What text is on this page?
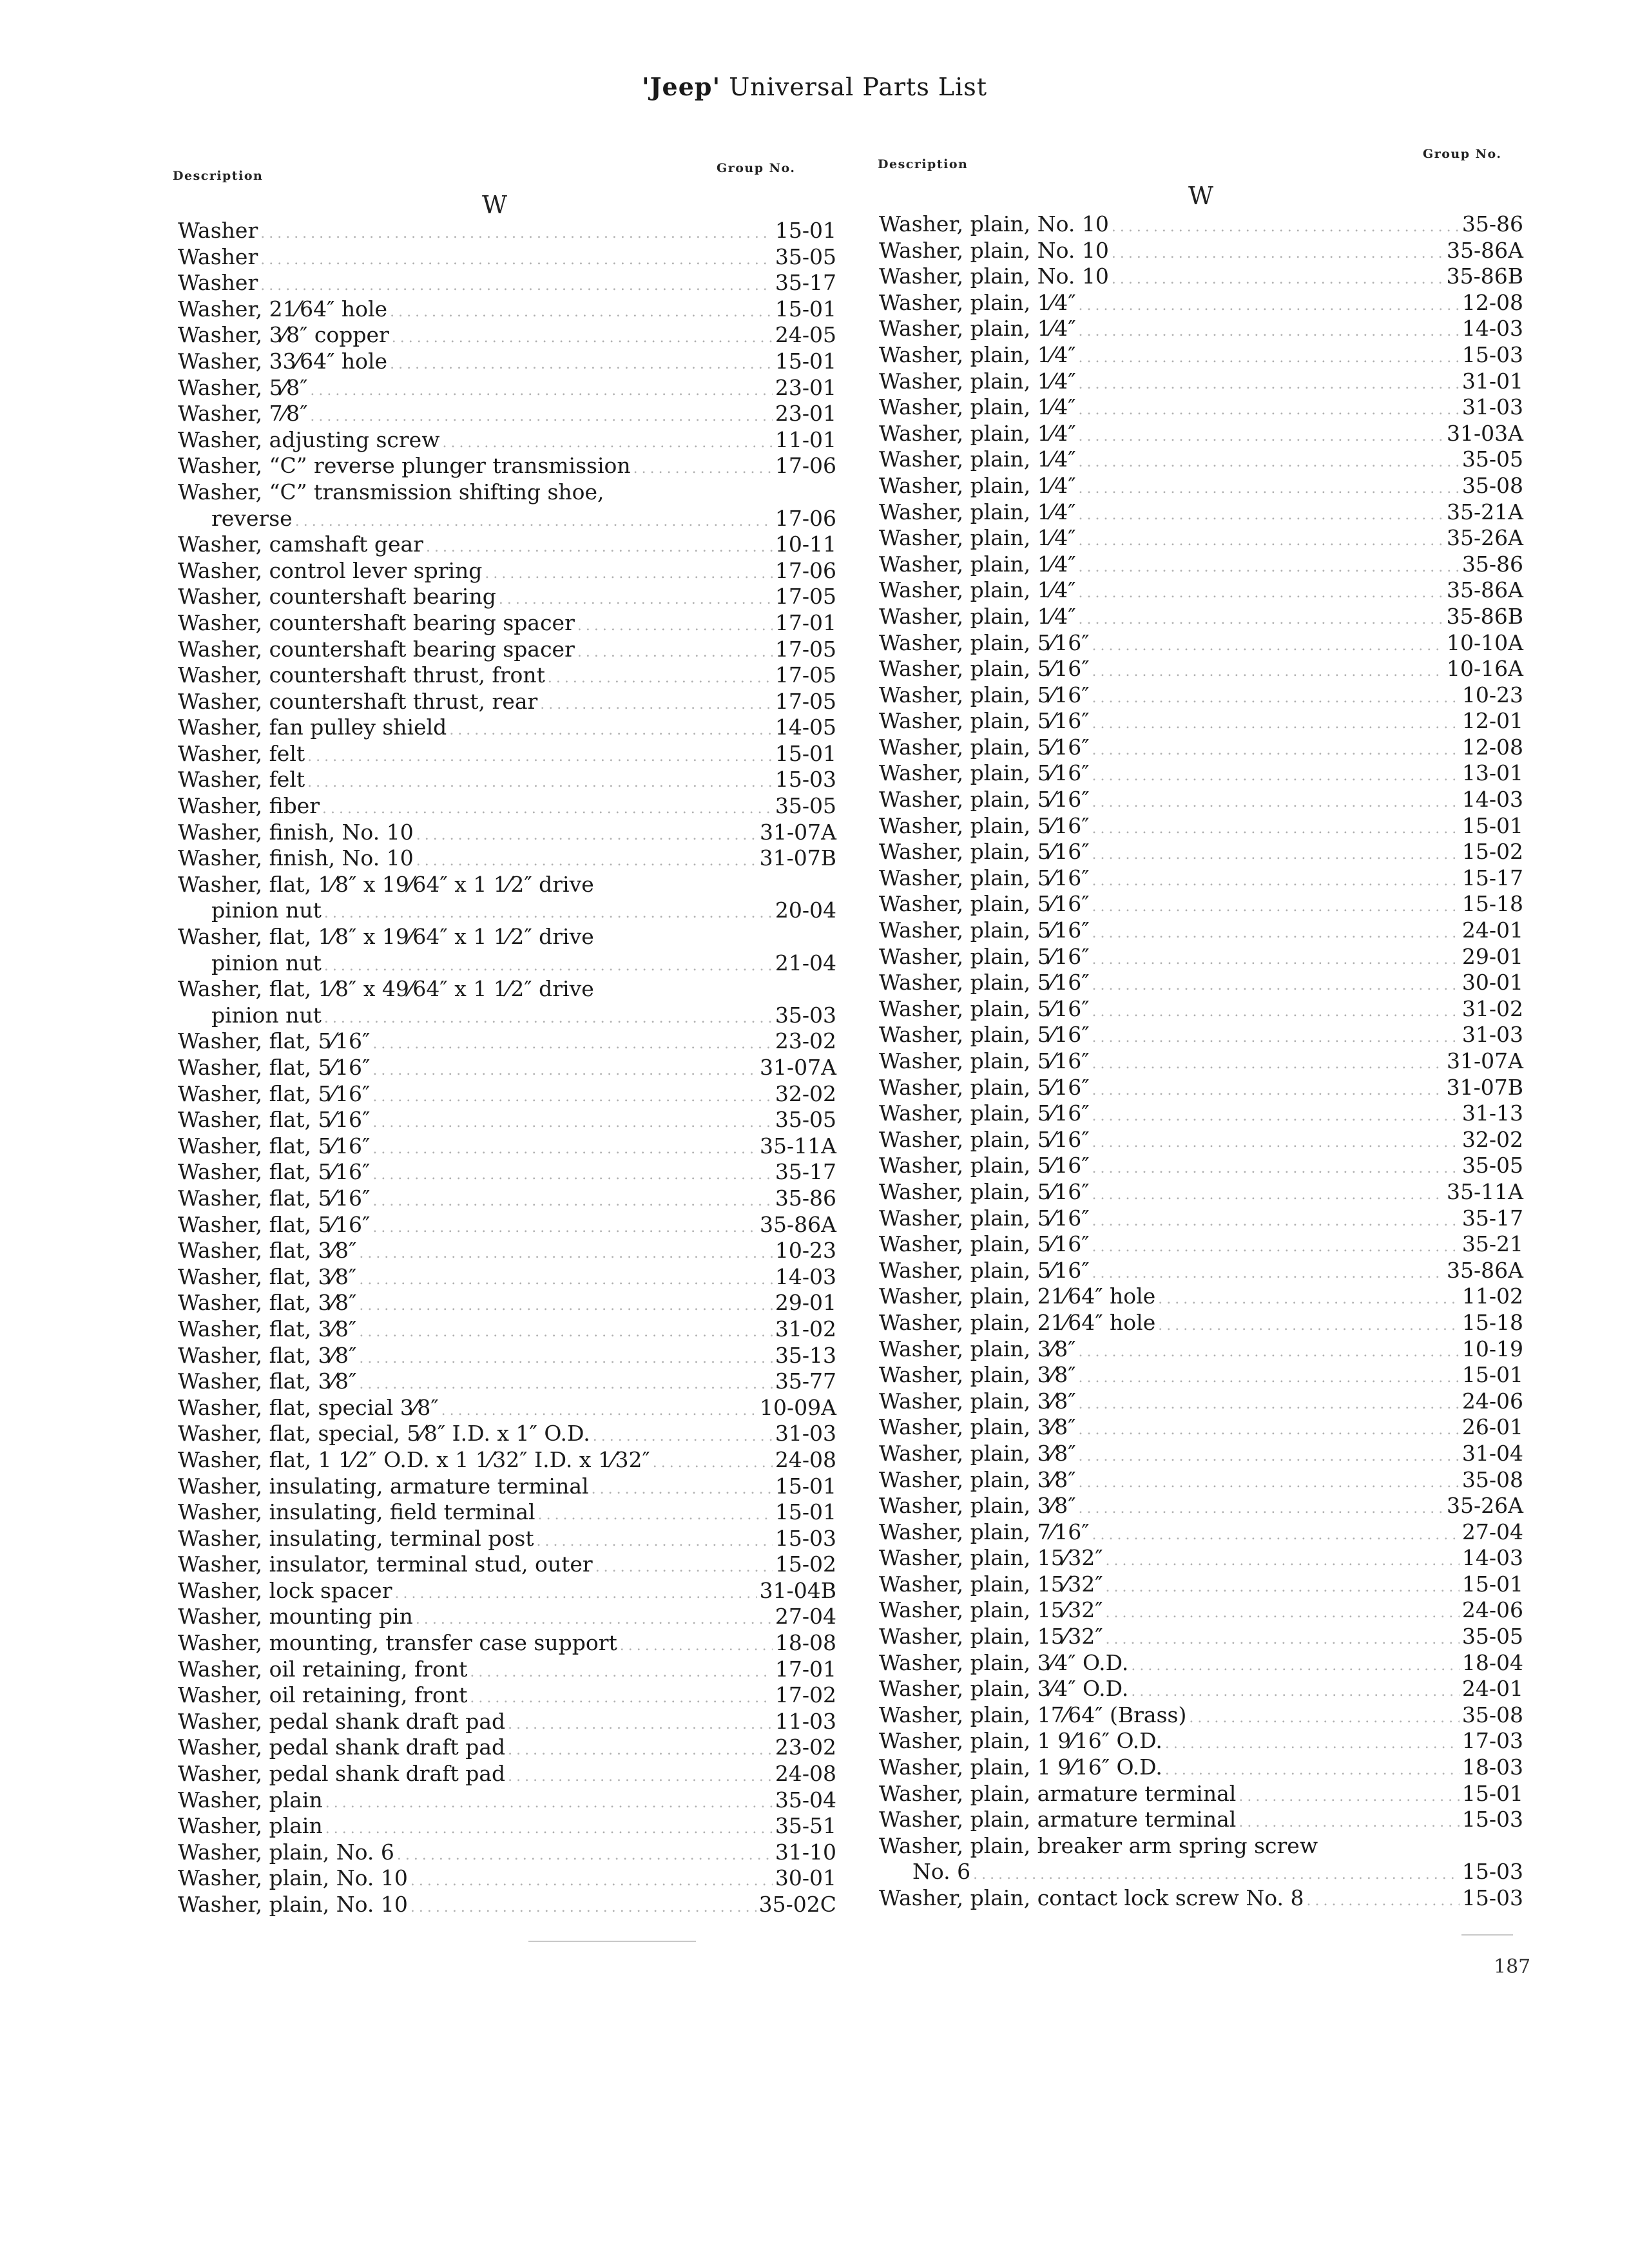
'Jeep' Universal Parts List
Description
Group No.	Description
Group No.
W	W
Washer .....	15-01
Washer .....	35-05
Washer .....	35-17
Washer, 21⁄64″ hole .....	15-01
Washer, 3⁄8″ copper .....	24-05
Washer, 33⁄64″ hole .....	15-01
Washer, 5⁄8″ .....	23-01
Washer, 7⁄8″ .....	23-01
Washer, adjusting screw .....	11-01
Washer, “C” reverse plunger transmission .....	17-06
Washer, “C” transmission shifting shoe,
reverse .....	17-06
Washer, camshaft gear .....	10-11
Washer, control lever spring .....	17-06
Washer, countershaft bearing .....	17-05
Washer, countershaft bearing spacer .....	17-01
Washer, countershaft bearing spacer .....	17-05
Washer, countershaft thrust, front .....	17-05
Washer, countershaft thrust, rear .....	17-05
Washer, fan pulley shield .....	14-05
Washer, felt .....	15-01
Washer, felt .....	15-03
Washer, fiber .....	35-05
Washer, finish, No. 10 .....	31-07A
Washer, finish, No. 10 .....	31-07B
Washer, flat, 1⁄8″ x 19⁄64″ x 1 1⁄2″ drive
pinion nut .....	20-04
Washer, flat, 1⁄8″ x 19⁄64″ x 1 1⁄2″ drive
pinion nut .....	21-04
Washer, flat, 1⁄8″ x 49⁄64″ x 1 1⁄2″ drive
pinion nut .....	35-03
Washer, flat, 5⁄16″ .....	23-02
Washer, flat, 5⁄16″ .....	31-07A
Washer, flat, 5⁄16″ .....	32-02
Washer, flat, 5⁄16″ .....	35-05
Washer, flat, 5⁄16″ .....	35-11A
Washer, flat, 5⁄16″ .....	35-17
Washer, flat, 5⁄16″ .....	35-86
Washer, flat, 5⁄16″ .....	35-86A
Washer, flat, 3⁄8″ .....	10-23
Washer, flat, 3⁄8″ .....	14-03
Washer, flat, 3⁄8″ .....	29-01
Washer, flat, 3⁄8″ .....	31-02
Washer, flat, 3⁄8″ .....	35-13
Washer, flat, 3⁄8″ .....	35-77
Washer, flat, special 3⁄8″ .....	10-09A
Washer, flat, special, 5⁄8″ I.D. x 1″ O.D. .....	31-03
Washer, flat, 1 1⁄2″ O.D. x 1 1⁄32″ I.D. x 1⁄32″ .....	24-08
Washer, insulating, armature terminal .....	15-01
Washer, insulating, field terminal .....	15-01
Washer, insulating, terminal post .....	15-03
Washer, insulator, terminal stud, outer .....	15-02
Washer, lock spacer .....	31-04B
Washer, mounting pin .....	27-04
Washer, mounting, transfer case support .....	18-08
Washer, oil retaining, front .....	17-01
Washer, oil retaining, front .....	17-02
Washer, pedal shank draft pad .....	11-03
Washer, pedal shank draft pad .....	23-02
Washer, pedal shank draft pad .....	24-08
Washer, plain .....	35-04
Washer, plain .....	35-51
Washer, plain, No. 6 .....	31-10
Washer, plain, No. 10 .....	30-01
Washer, plain, No. 10 .....	35-02C
Washer, plain, No. 10 .....	35-86
Washer, plain, No. 10 .....	35-86A
Washer, plain, No. 10 .....	35-86B
Washer, plain, 1⁄4″ .....	12-08
Washer, plain, 1⁄4″ .....	14-03
Washer, plain, 1⁄4″ .....	15-03
Washer, plain, 1⁄4″ .....	31-01
Washer, plain, 1⁄4″ .....	31-03
Washer, plain, 1⁄4″ .....	31-03A
Washer, plain, 1⁄4″ .....	35-05
Washer, plain, 1⁄4″ .....	35-08
Washer, plain, 1⁄4″ .....	35-21A
Washer, plain, 1⁄4″ .....	35-26A
Washer, plain, 1⁄4″ .....	35-86
Washer, plain, 1⁄4″ .....	35-86A
Washer, plain, 1⁄4″ .....	35-86B
Washer, plain, 5⁄16″ .....	10-10A
Washer, plain, 5⁄16″ .....	10-16A
Washer, plain, 5⁄16″ .....	10-23
Washer, plain, 5⁄16″ .....	12-01
Washer, plain, 5⁄16″ .....	12-08
Washer, plain, 5⁄16″ .....	13-01
Washer, plain, 5⁄16″ .....	14-03
Washer, plain, 5⁄16″ .....	15-01
Washer, plain, 5⁄16″ .....	15-02
Washer, plain, 5⁄16″ .....	15-17
Washer, plain, 5⁄16″ .....	15-18
Washer, plain, 5⁄16″ .....	24-01
Washer, plain, 5⁄16″ .....	29-01
Washer, plain, 5⁄16″ .....	30-01
Washer, plain, 5⁄16″ .....	31-02
Washer, plain, 5⁄16″ .....	31-03
Washer, plain, 5⁄16″ .....	31-07A
Washer, plain, 5⁄16″ .....	31-07B
Washer, plain, 5⁄16″ .....	31-13
Washer, plain, 5⁄16″ .....	32-02
Washer, plain, 5⁄16″ .....	35-05
Washer, plain, 5⁄16″ .....	35-11A
Washer, plain, 5⁄16″ .....	35-17
Washer, plain, 5⁄16″ .....	35-21
Washer, plain, 5⁄16″ .....	35-86A
Washer, plain, 21⁄64″ hole .....	11-02
Washer, plain, 21⁄64″ hole .....	15-18
Washer, plain, 3⁄8″ .....	10-19
Washer, plain, 3⁄8″ .....	15-01
Washer, plain, 3⁄8″ .....	24-06
Washer, plain, 3⁄8″ .....	26-01
Washer, plain, 3⁄8″ .....	31-04
Washer, plain, 3⁄8″ .....	35-08
Washer, plain, 3⁄8″ .....	35-26A
Washer, plain, 7⁄16″ .....	27-04
Washer, plain, 15⁄32″ .....	14-03
Washer, plain, 15⁄32″ .....	15-01
Washer, plain, 15⁄32″ .....	24-06
Washer, plain, 15⁄32″ .....	35-05
Washer, plain, 3⁄4″ O.D. .....	18-04
Washer, plain, 3⁄4″ O.D. .....	24-01
Washer, plain, 17⁄64″ (Brass) .....	35-08
Washer, plain, 1 9⁄16″ O.D. .....	17-03
Washer, plain, 1 9⁄16″ O.D. .....	18-03
Washer, plain, armature terminal .....	15-01
Washer, plain, armature terminal .....	15-03
Washer, plain, breaker arm spring screw
No. 6 .....	15-03
Washer, plain, contact lock screw No. 8 .....	15-03
187
